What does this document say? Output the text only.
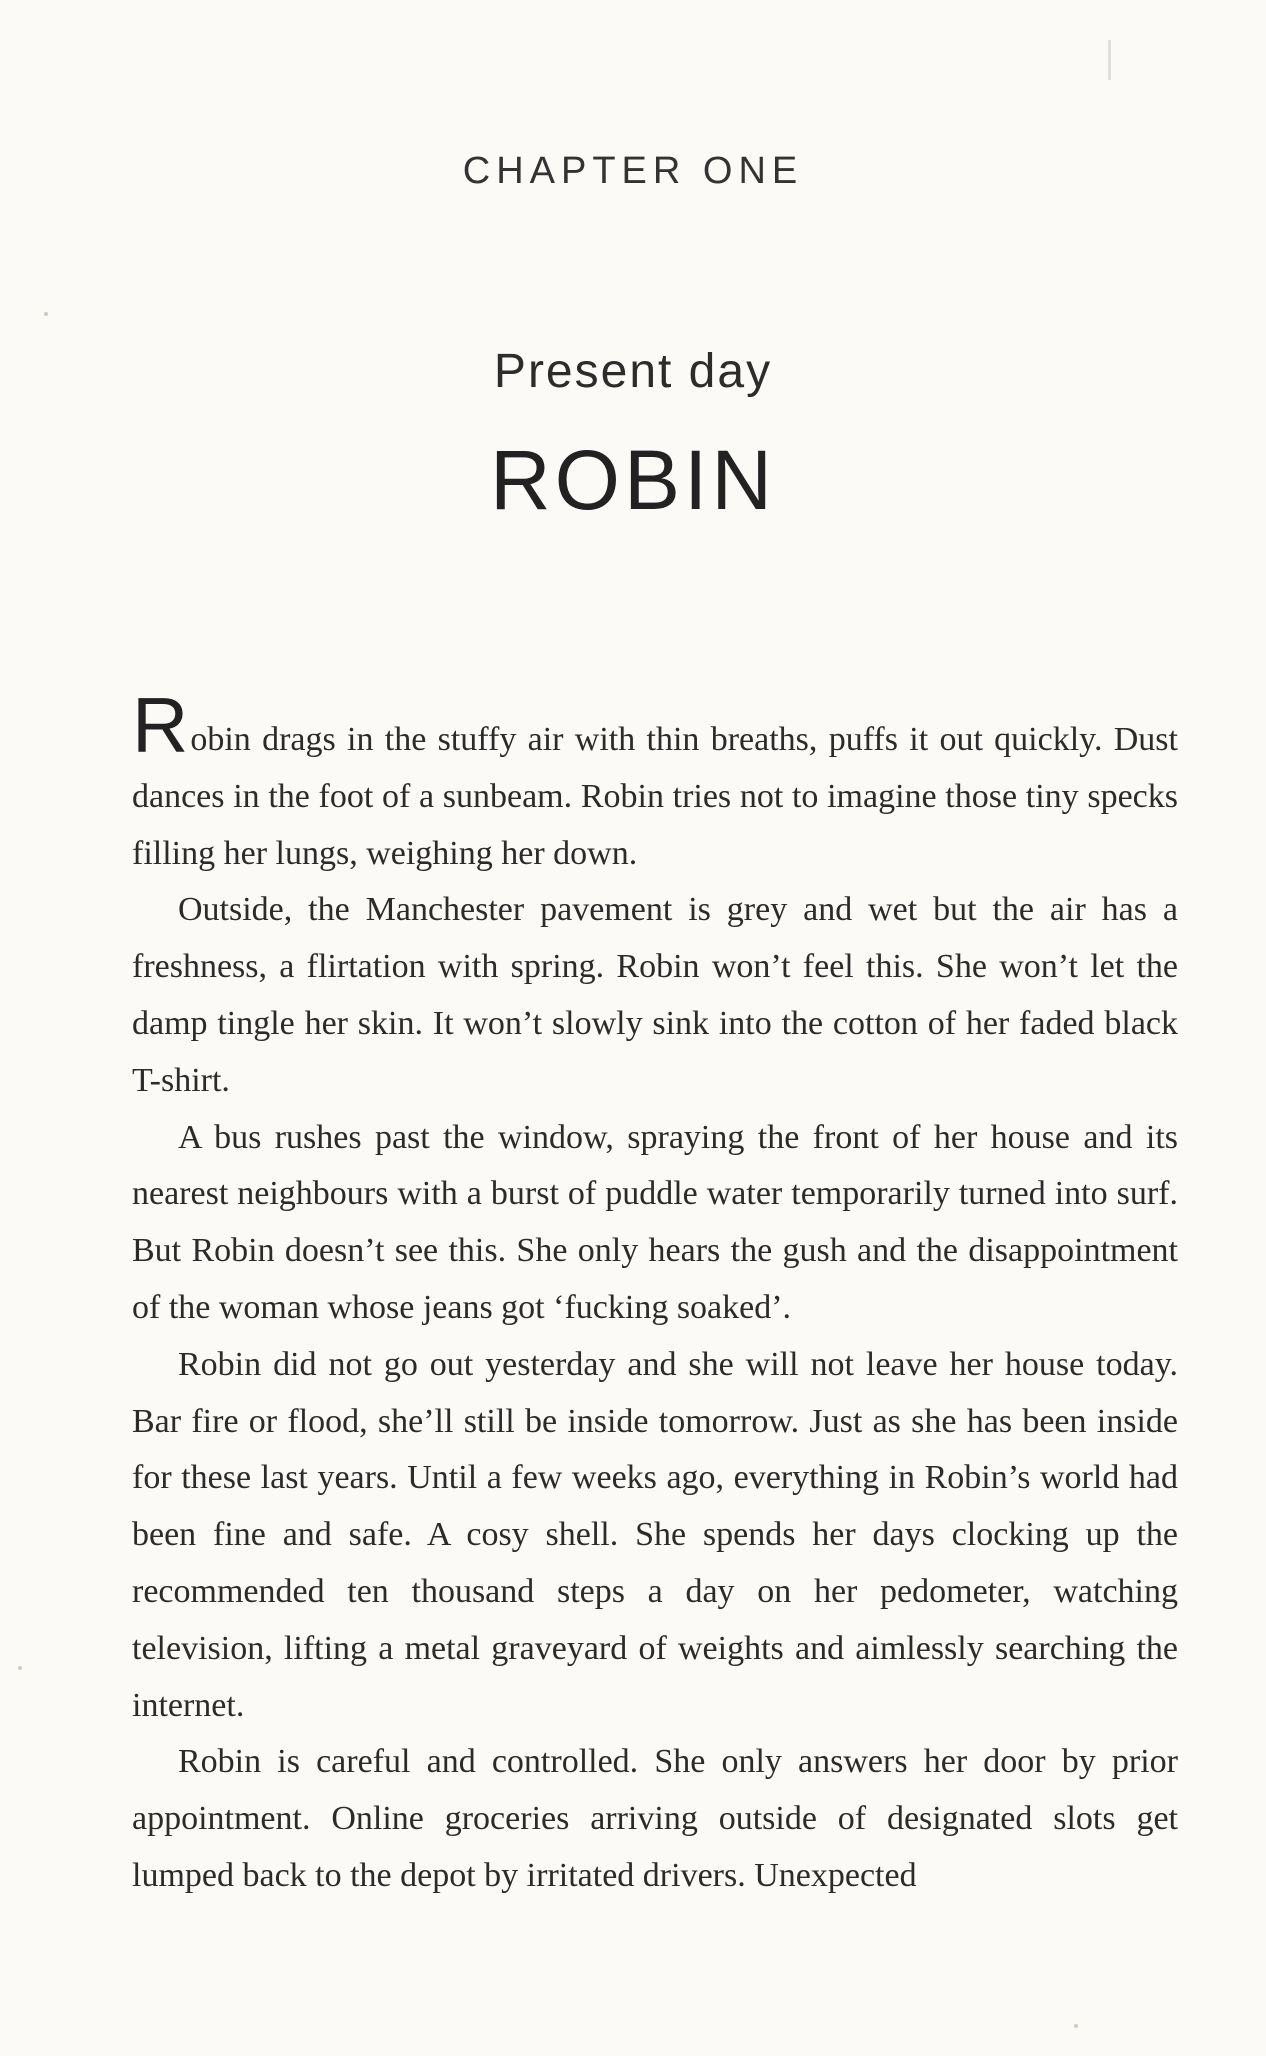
CHAPTER ONE
Present day
ROBIN

Robin drags in the stuffy air with thin breaths, puffs it out quickly. Dust dances in the foot of a sunbeam. Robin tries not to imagine those tiny specks filling her lungs, weighing her down.

Outside, the Manchester pavement is grey and wet but the air has a freshness, a flirtation with spring. Robin won’t feel this. She won’t let the damp tingle her skin. It won’t slowly sink into the cotton of her faded black T-shirt.

A bus rushes past the window, spraying the front of her house and its nearest neighbours with a burst of puddle water temporarily turned into surf. But Robin doesn’t see this. She only hears the gush and the disappointment of the woman whose jeans got ‘fucking soaked’.

Robin did not go out yesterday and she will not leave her house today. Bar fire or flood, she’ll still be inside tomorrow. Just as she has been inside for these last years. Until a few weeks ago, everything in Robin’s world had been fine and safe. A cosy shell. She spends her days clocking up the recommended ten thousand steps a day on her pedometer, watching television, lifting a metal graveyard of weights and aimlessly searching the internet.

Robin is careful and controlled. She only answers her door by prior appointment. Online groceries arriving outside of designated slots get lumped back to the depot by irritated drivers. Unexpected
